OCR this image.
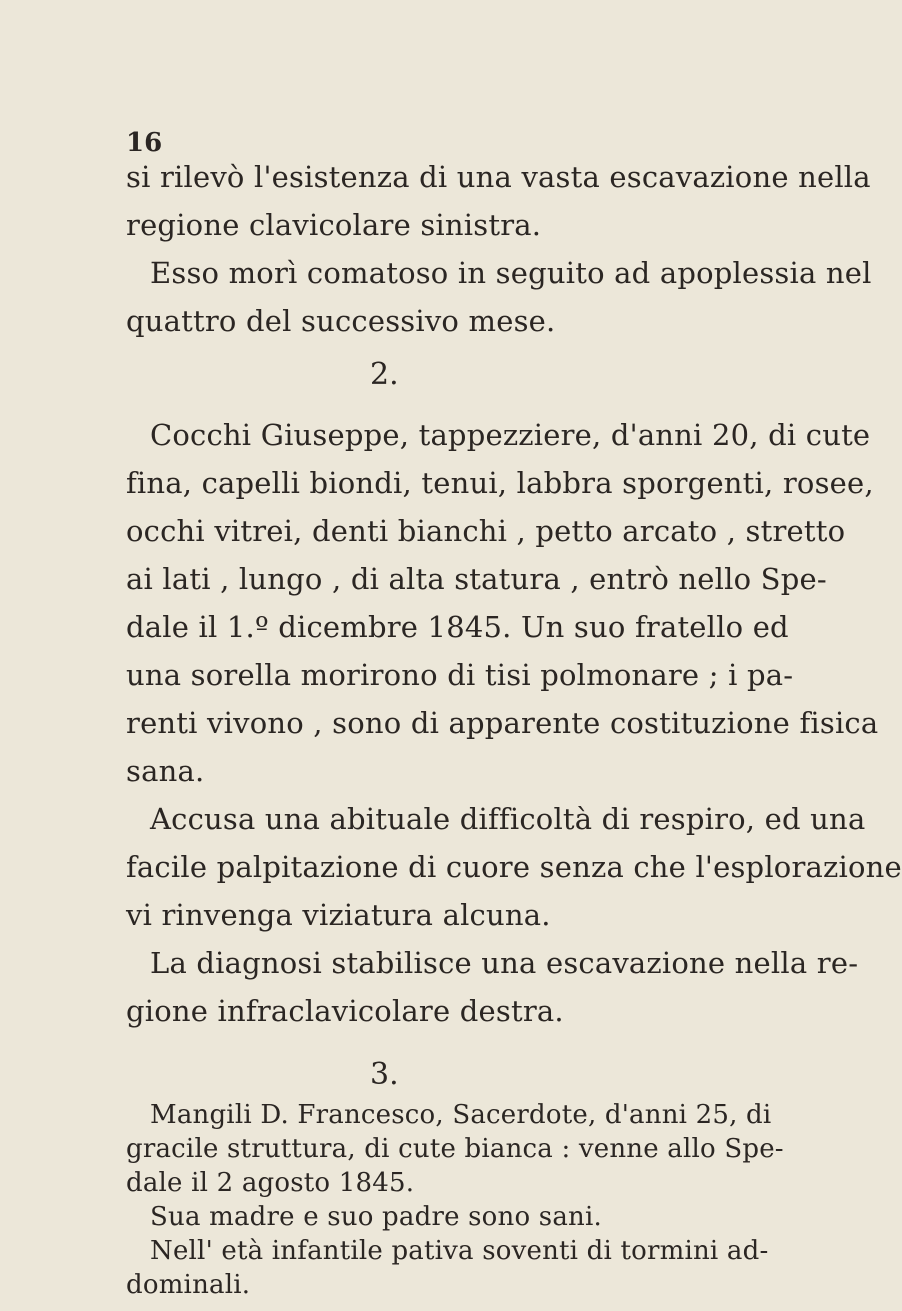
16
si rilevò l'esistenza di una vasta escavazione nella
regione clavicolare sinistra.
Esso morì comatoso in seguito ad apoplessia nel
quattro del successivo mese.
2.
Cocchi Giuseppe, tappezziere, d'anni 20, di cute
fina, capelli biondi, tenui, labbra sporgenti, rosee,
occhi vitrei, denti bianchi , petto arcato , stretto
ai lati , lungo , di alta statura , entrò nello Spe-
dale il 1.º dicembre 1845. Un suo fratello ed
una sorella morirono di tisi polmonare ; i pa-
renti vivono , sono di apparente costituzione fisica
sana.
Accusa una abituale difficoltà di respiro, ed una
facile palpitazione di cuore senza che l'esplorazione
vi rinvenga viziatura alcuna.
La diagnosi stabilisce una escavazione nella re-
gione infraclavicolare destra.
3.
Mangili D. Francesco, Sacerdote, d'anni 25, di
gracile struttura, di cute bianca : venne allo Spe-
dale il 2 agosto 1845.
Sua madre e suo padre sono sani.
Nell' età infantile pativa soventi di tormini ad-
dominali.
